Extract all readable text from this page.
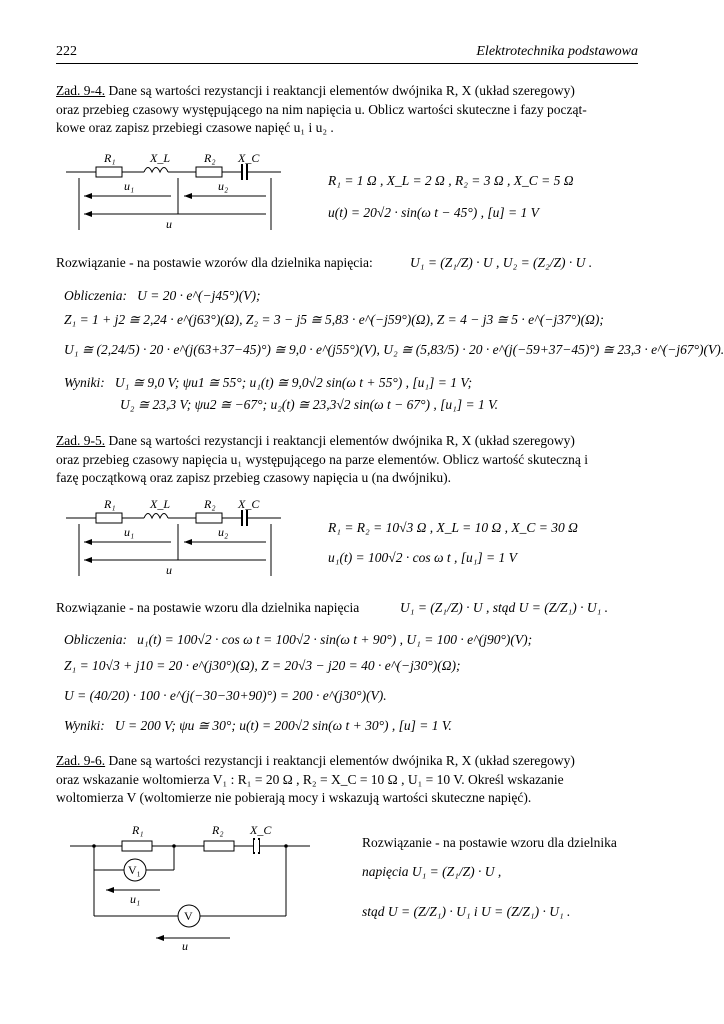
222	Elektrotechnika podstawowa
Zad. 9-4. Dane są wartości rezystancji i reaktancji elementów dwójnika R, X (układ szeregowy)
oraz przebieg czasowy występującego na nim napięcia u. Oblicz wartości skuteczne i fazy począt-
kowe oraz zapisz przebiegi czasowe napięć u₁ i u₂ .
R₁	X_L	R₂ X_C
u₁	u₂
u
R₁ = 1 Ω , X_L = 2 Ω , R₂ = 3 Ω , X_C = 5 Ω
u(t) = 20√2 · sin(ω t − 45°) , [u] = 1 V
Rozwiązanie - na postawie wzorów dla dzielnika napięcia:	U₁ = (Z₁/Z) · U , U₂ = (Z₂/Z) · U .
Obliczenia: U = 20 · e^(−j45°)(V);
Z₁ = 1 + j2 ≅ 2,24 · e^(j63°)(Ω), Z₂ = 3 − j5 ≅ 5,83 · e^(−j59°)(Ω), Z = 4 − j3 ≅ 5 · e^(−j37°)(Ω);
U₁ ≅ (2,24/5) · 20 · e^(j(63+37−45)°) ≅ 9,0 · e^(j55°)(V), U₂ ≅ (5,83/5) · 20 · e^(j(−59+37−45)°) ≅ 23,3 · e^(−j67°)(V).
Wyniki: U₁ ≅ 9,0 V; ψu1 ≅ 55°; u₁(t) ≅ 9,0√2 sin(ω t + 55°) , [u₁] = 1 V;
U₂ ≅ 23,3 V; ψu2 ≅ −67°; u₂(t) ≅ 23,3√2 sin(ω t − 67°) , [u₁] = 1 V.
Zad. 9-5. Dane są wartości rezystancji i reaktancji elementów dwójnika R, X (układ szeregowy)
oraz przebieg czasowy napięcia u₁ występującego na parze elementów. Oblicz wartość skuteczną i
fazę początkową oraz zapisz przebieg czasowy napięcia u (na dwójniku).
R₁	X_L	R₂ X_C
u₁	u₂
u
R₁ = R₂ = 10√3 Ω , X_L = 10 Ω , X_C = 30 Ω
u₁(t) = 100√2 · cos ω t , [u₁] = 1 V
Rozwiązanie - na postawie wzoru dla dzielnika napięcia	U₁ = (Z₁/Z) · U , stąd U = (Z/Z₁) · U₁ .
Obliczenia: u₁(t) = 100√2 · cos ω t = 100√2 · sin(ω t + 90°) , U₁ = 100 · e^(j90°)(V);
Z₁ = 10√3 + j10 = 20 · e^(j30°)(Ω), Z = 20√3 − j20 = 40 · e^(−j30°)(Ω);
U = (40/20) · 100 · e^(j(−30−30+90)°) = 200 · e^(j30°)(V).
Wyniki: U = 200 V; ψu ≅ 30°; u(t) = 200√2 sin(ω t + 30°) , [u] = 1 V.
Zad. 9-6. Dane są wartości rezystancji i reaktancji elementów dwójnika R, X (układ szeregowy)
oraz wskazanie woltomierza V₁ : R₁ = 20 Ω , R₂ = X_C = 10 Ω , U₁ = 10 V. Określ wskazanie
woltomierza V (woltomierze nie pobierają mocy i wskazują wartości skuteczne napięć).
V₁
u₁
V
u
R₁	R₂ X_C
Rozwiązanie - na postawie wzoru dla dzielnika
napięcia U₁ = (Z₁/Z) · U ,
stąd U = (Z/Z₁) · U₁ i U = (Z/Z₁) · U₁ .
